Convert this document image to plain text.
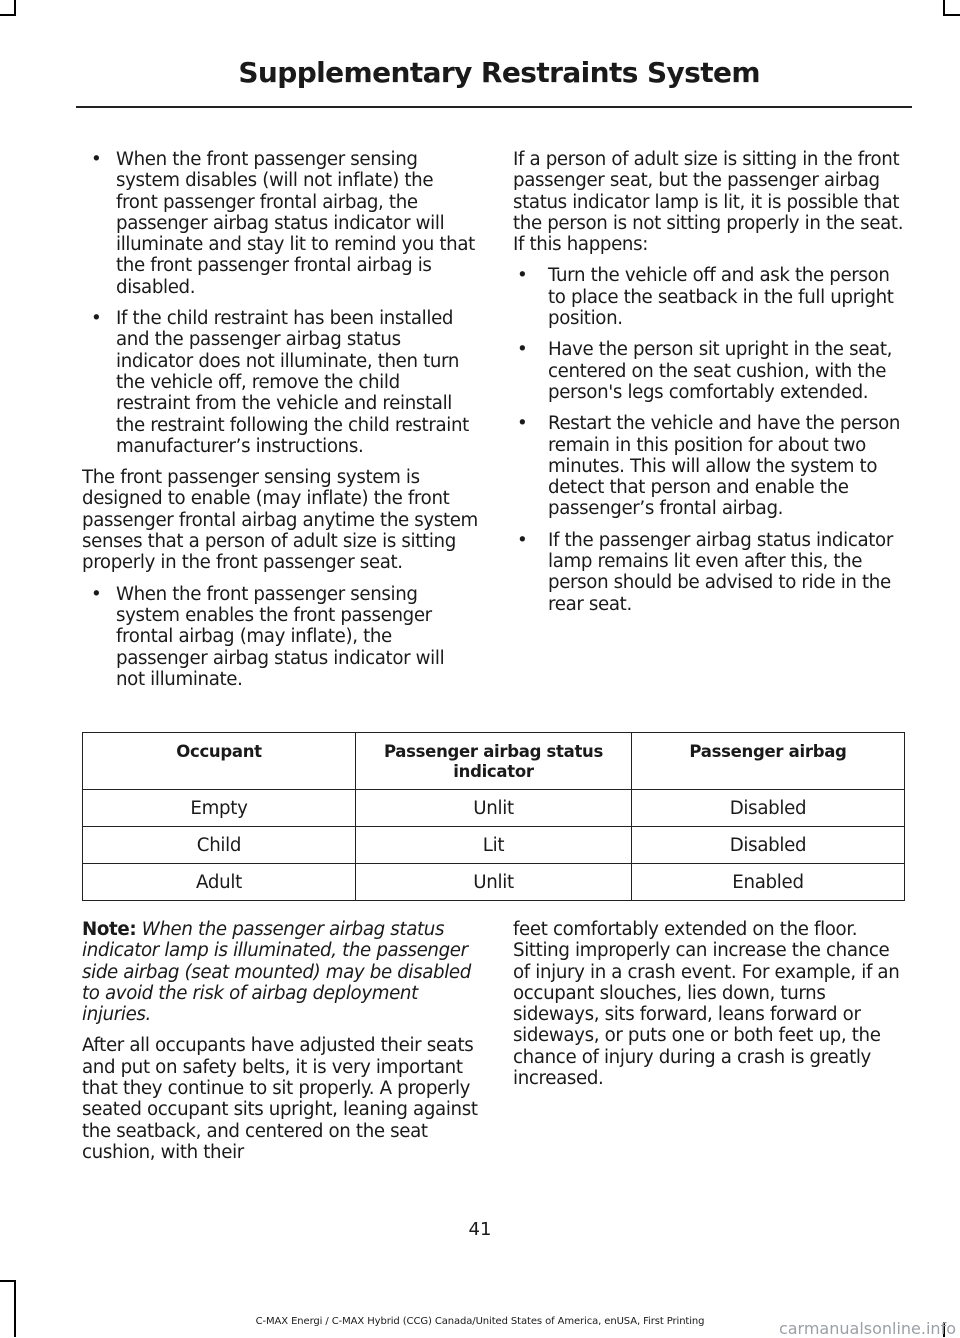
Supplementary Restraints System
• When the front passenger sensing system disables (will not inflate) the front passenger frontal airbag, the passenger airbag status indicator will illuminate and stay lit to remind you that the front passenger frontal airbag is disabled.
• If the child restraint has been installed and the passenger airbag status indicator does not illuminate, then turn the vehicle off, remove the child restraint from the vehicle and reinstall the restraint following the child restraint manufacturer’s instructions.

The front passenger sensing system is designed to enable (may inflate) the front passenger frontal airbag anytime the system senses that a person of adult size is sitting properly in the front passenger seat.

• When the front passenger sensing system enables the front passenger frontal airbag (may inflate), the passenger airbag status indicator will not illuminate.

If a person of adult size is sitting in the front passenger seat, but the passenger airbag status indicator lamp is lit, it is possible that the person is not sitting properly in the seat. If this happens:

• Turn the vehicle off and ask the person to place the seatback in the full upright position.
• Have the person sit upright in the seat, centered on the seat cushion, with the person's legs comfortably extended.
• Restart the vehicle and have the person remain in this position for about two minutes. This will allow the system to detect that person and enable the passenger’s frontal airbag.
• If the passenger airbag status indicator lamp remains lit even after this, the person should be advised to ride in the rear seat.
Occupant	Passenger airbag status indicator	Passenger airbag
Empty	Unlit	Disabled
Child	Lit	Disabled
Adult	Unlit	Enabled

Note: When the passenger airbag status indicator lamp is illuminated, the passenger side airbag (seat mounted) may be disabled to avoid the risk of airbag deployment injuries.

After all occupants have adjusted their seats and put on safety belts, it is very important that they continue to sit properly. A properly seated occupant sits upright, leaning against the seatback, and centered on the seat cushion, with their

feet comfortably extended on the floor. Sitting improperly can increase the chance of injury in a crash event. For example, if an occupant slouches, lies down, turns sideways, sits forward, leans forward or sideways, or puts one or both feet up, the chance of injury during a crash is greatly increased.

41
C-MAX Energi / C-MAX Hybrid (CCG) Canada/United States of America, enUSA, First Printing	carmanualsonline.info
